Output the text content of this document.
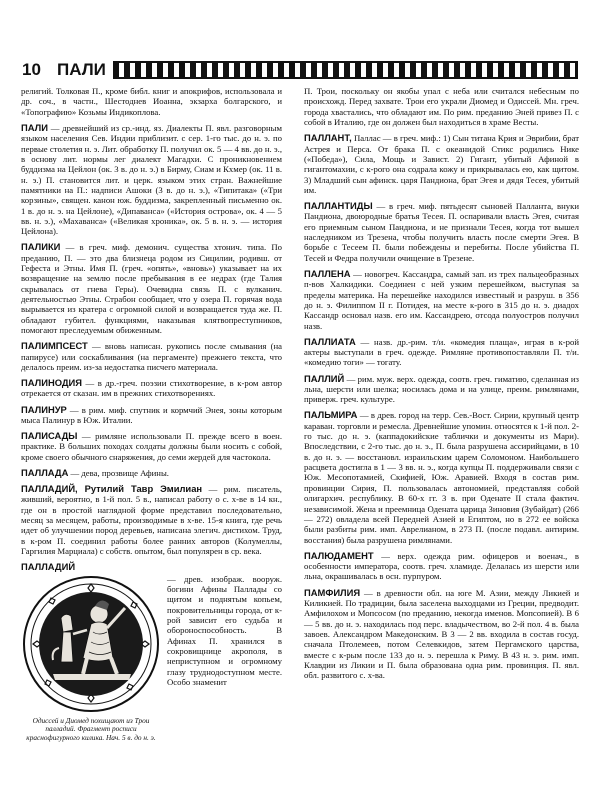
10 ПАЛИ

религий. Толковая П., кроме библ. книг и апокрифов, использовала и др. соч., в частн., Шестоднев Иоанна, экзарха болгарского, и «Топографию» Козьмы Индикоплова.

ПАЛИ — древнейший из ср.-инд. яз. Диалекты П. явл. разговорным языком населения Сев. Индии приблизит. с сер. 1-го тыс. до н. э. по первые столетия н. э. Лит. обработку П. получил ок. 5 — 4 вв. до н. э., в основу лит. нормы лег диалект Магадхи. С проникновением буддизма на Цейлон (ок. 3 в. до н. э.) в Бирму, Сиам и Кхмер (ок. 11 в. н. э.) П. становится лит. и церк. языком этих стран. Важнейшие памятники на П.: надписи Ашоки (3 в. до н. э.), «Типитака» («Три корзины», священ. канон юж. буддизма, закрепленный письменно ок. 1 в. до н. э. на Цейлоне), «Дипаванса» («История острова», ок. 4 — 5 вв. н. э.), «Махаванса» («Великая хроника», ок. 5 в. н. э. — история Цейлона).

ПАЛИКИ — в греч. миф. демонич. существа хтонич. типа. По преданию, П. — это два близнеца родом из Сицилии, родивш. от Гефеста и Этны. Имя П. (греч. «опять», «вновь») указывает на их возвращение на землю после пребывания в ее недрах (где Талия скрывалась от гнева Геры). Очевидна связь П. с вулканич. деятельностью Этны. Страбон сообщает, что у озера П. горячая вода вырывается из кратера с огромной силой и возвращается туда же. П. обладают губител. функциями, наказывая клятвопреступников, помогают преследуемым обиженным.

ПАЛИМПСЕСТ — вновь написан. рукопись после смывания (на папирусе) или соскабливания (на пергаменте) прежнего текста, что делалось преим. из-за недостатка писчего материала.

ПАЛИНОДИЯ — в др.-греч. поэзии стихотворение, в к-ром автор отрекается от сказан. им в прежних стихотворениях.

ПАЛИНУР — в рим. миф. спутник и кормчий Энея, зоны которым мыса Палинур в Юж. Италии.

ПАЛИСАДЫ — римляне использовали П. прежде всего в воен. практике. В больших походах солдаты должны были носить с собой, кроме своего обычного снаряжения, до семи жердей для частокола.

ПАЛЛАДА — дева, прозвище Афины.

ПАЛЛАДИЙ, Рутилий Тавр Эмилиан — рим. писатель, живший, вероятно, в 1-й пол. 5 в., написал работу о с. х-ве в 14 кн., где он в простой наглядной форме представил последовательно, месяц за месяцем, работы, производимые в х-ве. 15-я книга, где речь идет об улучшении пород деревьев, написана элегич. дистихом. Труд, в к-ром П. соединил работы более ранних авторов (Колумеллы, Гаргилия Марциала) с собств. опытом, был популярен в ср. века.

ПАЛЛАДИЙ

Одиссей и Диомед похищают из Трои палладий. Фрагмент росписи краснофигурного килика. Нач. 5 в. до н. э.
— древ. изображ. вооруж. богини Афины Паллады со щитом и поднятым копьем, покровительницы города, от к-рой зависит его судьба и обороноспособность. В Афинах П. хранился в сокровищнице акрополя, в неприступном и огромному глазу труднодоступном месте. Особо знаменит

П. Трои, поскольку он якобы упал с неба или считался небесным по происхожд. Перед захвате. Трои его украли Диомед и Одиссей. Мн. греч. города хвастались, что обладают им. По рим. преданию Эней привез П. с собой в Италию, где он должен был находиться в храме Весты.

ПАЛЛАНТ, Паллас — в греч. миф.: 1) Сын титана Крия и Эврибии, брат Астрея и Перса. От брака П. с океанидой Стикс родились Нике («Победа»), Сила, Мощь и Завист. 2) Гигант, убитый Афиной в гигантомахии, с к-рого она содрала кожу и прикрывалась ею, как щитом. 3) Младший сын афинск. царя Пандиона, брат Эгея и дядя Тесея, убитый им.

ПАЛЛАНТИДЫ — в греч. миф. пятьдесят сыновей Палланта, внуки Пандиона, двоюродные братья Тесея. П. оспаривали власть Эгея, считая его приемным сыном Пандиона, и не признали Тесея, когда тот вышел наследником из Трезена, чтобы получить власть после смерти Эгея. В борьбе с Тесеем П. были побеждены и перебиты. После убийства П. Тесей и Федра получили очищение в Трезене.

ПАЛЛЕНА — новогреч. Кассандра, самый зап. из трех пальцеобразных п-вов Халкидики. Соединен с ней узким перешейком, выступая за пределы материка. На перешейке находился известный и разруш. в 356 до н. э. Филиппом II г. Потидея, на месте к-рого в 315 до н. э. диадох Кассандр основал назв. его им. Кассандрею, отсода полуостров получил назв.

ПАЛЛИАТА — назв. др.-рим. т/и. «комедия плаща», играя в к-рой актеры выступали в греч. одежде. Римляне противопоставляли П. т/и. «комедию тоги» — тогату.

ПАЛЛИЙ — рим. муж. верх. одежда, соотв. греч. гиматию, сделанная из льна, шерсти или шелка; носилась дома и на улице, преим. римлянами, приверж. греч. культуре.

ПАЛЬМИРА — в древ. город на терр. Сев.-Вост. Сирии, крупный центр караван. торговли и ремесла. Древнейшие упомин. относятся к 1-й пол. 2-го тыс. до н. э. (каппадокийские таблички и документы из Мари). Впоследствии, с 2-го тыс. до н. э., П. была разрушена ассирийцами, в 10 в. до н. э. — восстановл. израильским царем Соломоном. Наибольшего расцвета достигла в 1 — 3 вв. н. э., когда купцы П. поддерживали связи с Юж. Месопотамией, Скифией, Юж. Аравией. Входя в состав рим. провинции Сирия, П. пользовалась автономией, представляя собой олигархич. республику. В 60-х гг. 3 в. при Оденате II стала фактич. независимой. Жена и преемница Одената царица Зиновия (Зубайдат) (266 — 272) овладела всей Передней Азией и Египтом, но в 272 ее войска были разбиты рим. имп. Аврелианом, в 273 П. (после подавл. антирим. восстания) была разрушена римлянами.

ПАЛЮДАМЕНТ — верх. одежда рим. офицеров и военач., в особенности императора, соотв. греч. хламиде. Делалась из шерсти или льна, окрашивалась в осн. пурпуром.

ПАМФИЛИЯ — в древности обл. на юге М. Азии, между Ликией и Киликией. По традиции, была заселена выходцами из Греции, предводит. Амфилохом и Мопсосом (по преданию, некогда именов. Мопсопией). В 6 — 5 вв. до н. э. находилась под перс. владычеством, во 2-й пол. 4 в. была завоев. Александром Македонским. В 3 — 2 вв. входила в состав госуд. сначала Птолемеев, потом Селевкидов, затем Пергамского царства, вместе с к-рым после 133 до н. э. перешла к Риму. В 43 н. э. рим. имп. Клавдии из Ликии и П. была образована одна рим. провинция. П. явл. обл. развитого с. х-ва.
